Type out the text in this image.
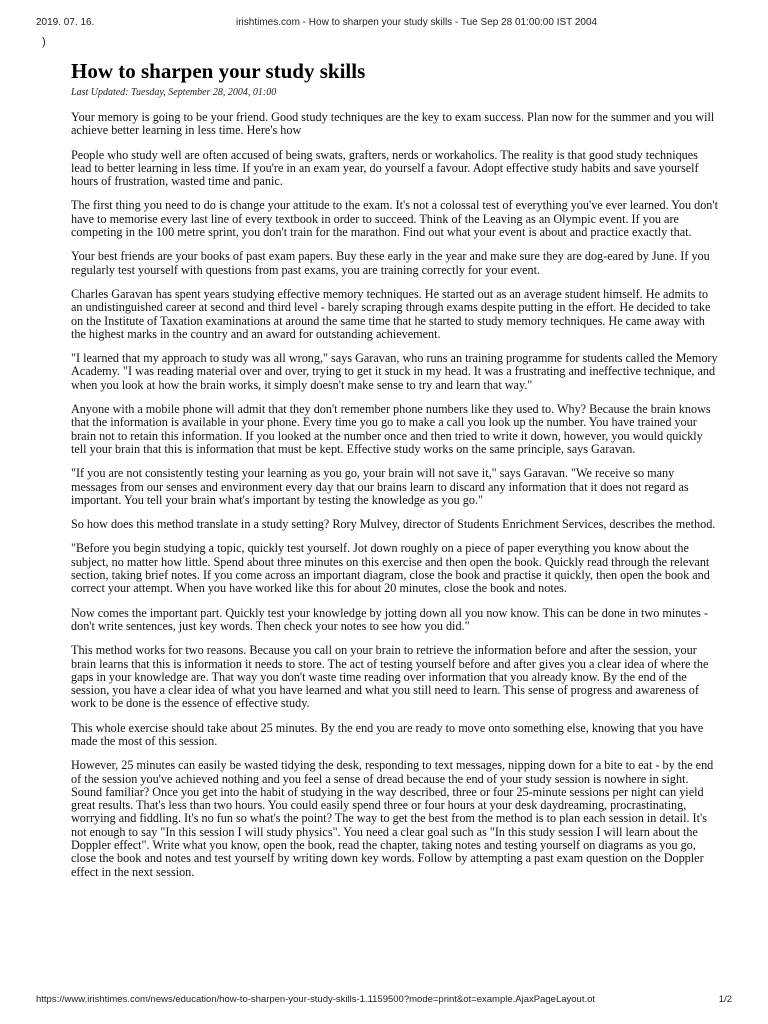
2019. 07. 16.	irishtimes.com - How to sharpen your study skills - Tue Sep 28 01:00:00 IST 2004
)
How to sharpen your study skills
Last Updated: Tuesday, September 28, 2004, 01:00

Your memory is going to be your friend. Good study techniques are the key to exam success. Plan now for the summer and you will achieve better learning in less time. Here's how

People who study well are often accused of being swats, grafters, nerds or workaholics. The reality is that good study techniques lead to better learning in less time. If you're in an exam year, do yourself a favour. Adopt effective study habits and save yourself hours of frustration, wasted time and panic.

The first thing you need to do is change your attitude to the exam. It's not a colossal test of everything you've ever learned. You don't have to memorise every last line of every textbook in order to succeed. Think of the Leaving as an Olympic event. If you are competing in the 100 metre sprint, you don't train for the marathon. Find out what your event is about and practice exactly that.

Your best friends are your books of past exam papers. Buy these early in the year and make sure they are dog-eared by June. If you regularly test yourself with questions from past exams, you are training correctly for your event.

Charles Garavan has spent years studying effective memory techniques. He started out as an average student himself. He admits to an undistinguished career at second and third level - barely scraping through exams despite putting in the effort. He decided to take on the Institute of Taxation examinations at around the same time that he started to study memory techniques. He came away with the highest marks in the country and an award for outstanding achievement.

"I learned that my approach to study was all wrong," says Garavan, who runs an training programme for students called the Memory Academy. "I was reading material over and over, trying to get it stuck in my head. It was a frustrating and ineffective technique, and when you look at how the brain works, it simply doesn't make sense to try and learn that way."

Anyone with a mobile phone will admit that they don't remember phone numbers like they used to. Why? Because the brain knows that the information is available in your phone. Every time you go to make a call you look up the number. You have trained your brain not to retain this information. If you looked at the number once and then tried to write it down, however, you would quickly tell your brain that this is information that must be kept. Effective study works on the same principle, says Garavan.

"If you are not consistently testing your learning as you go, your brain will not save it," says Garavan. "We receive so many messages from our senses and environment every day that our brains learn to discard any information that it does not regard as important. You tell your brain what's important by testing the knowledge as you go."

So how does this method translate in a study setting? Rory Mulvey, director of Students Enrichment Services, describes the method.

"Before you begin studying a topic, quickly test yourself. Jot down roughly on a piece of paper everything you know about the subject, no matter how little. Spend about three minutes on this exercise and then open the book. Quickly read through the relevant section, taking brief notes. If you come across an important diagram, close the book and practise it quickly, then open the book and correct your attempt. When you have worked like this for about 20 minutes, close the book and notes.

Now comes the important part. Quickly test your knowledge by jotting down all you now know. This can be done in two minutes - don't write sentences, just key words. Then check your notes to see how you did."

This method works for two reasons. Because you call on your brain to retrieve the information before and after the session, your brain learns that this is information it needs to store. The act of testing yourself before and after gives you a clear idea of where the gaps in your knowledge are. That way you don't waste time reading over information that you already know. By the end of the session, you have a clear idea of what you have learned and what you still need to learn. This sense of progress and awareness of work to be done is the essence of effective study.

This whole exercise should take about 25 minutes. By the end you are ready to move onto something else, knowing that you have made the most of this session.

However, 25 minutes can easily be wasted tidying the desk, responding to text messages, nipping down for a bite to eat - by the end of the session you've achieved nothing and you feel a sense of dread because the end of your study session is nowhere in sight. Sound familiar? Once you get into the habit of studying in the way described, three or four 25-minute sessions per night can yield great results. That's less than two hours. You could easily spend three or four hours at your desk daydreaming, procrastinating, worrying and fiddling. It's no fun so what's the point? The way to get the best from the method is to plan each session in detail. It's not enough to say "In this session I will study physics". You need a clear goal such as "In this study session I will learn about the Doppler effect". Write what you know, open the book, read the chapter, taking notes and testing yourself on diagrams as you go, close the book and notes and test yourself by writing down key words. Follow by attempting a past exam question on the Doppler effect in the next session.

https://www.irishtimes.com/news/education/how-to-sharpen-your-study-skills-1.1159500?mode=print&ot=example.AjaxPageLayout.ot	1/2
